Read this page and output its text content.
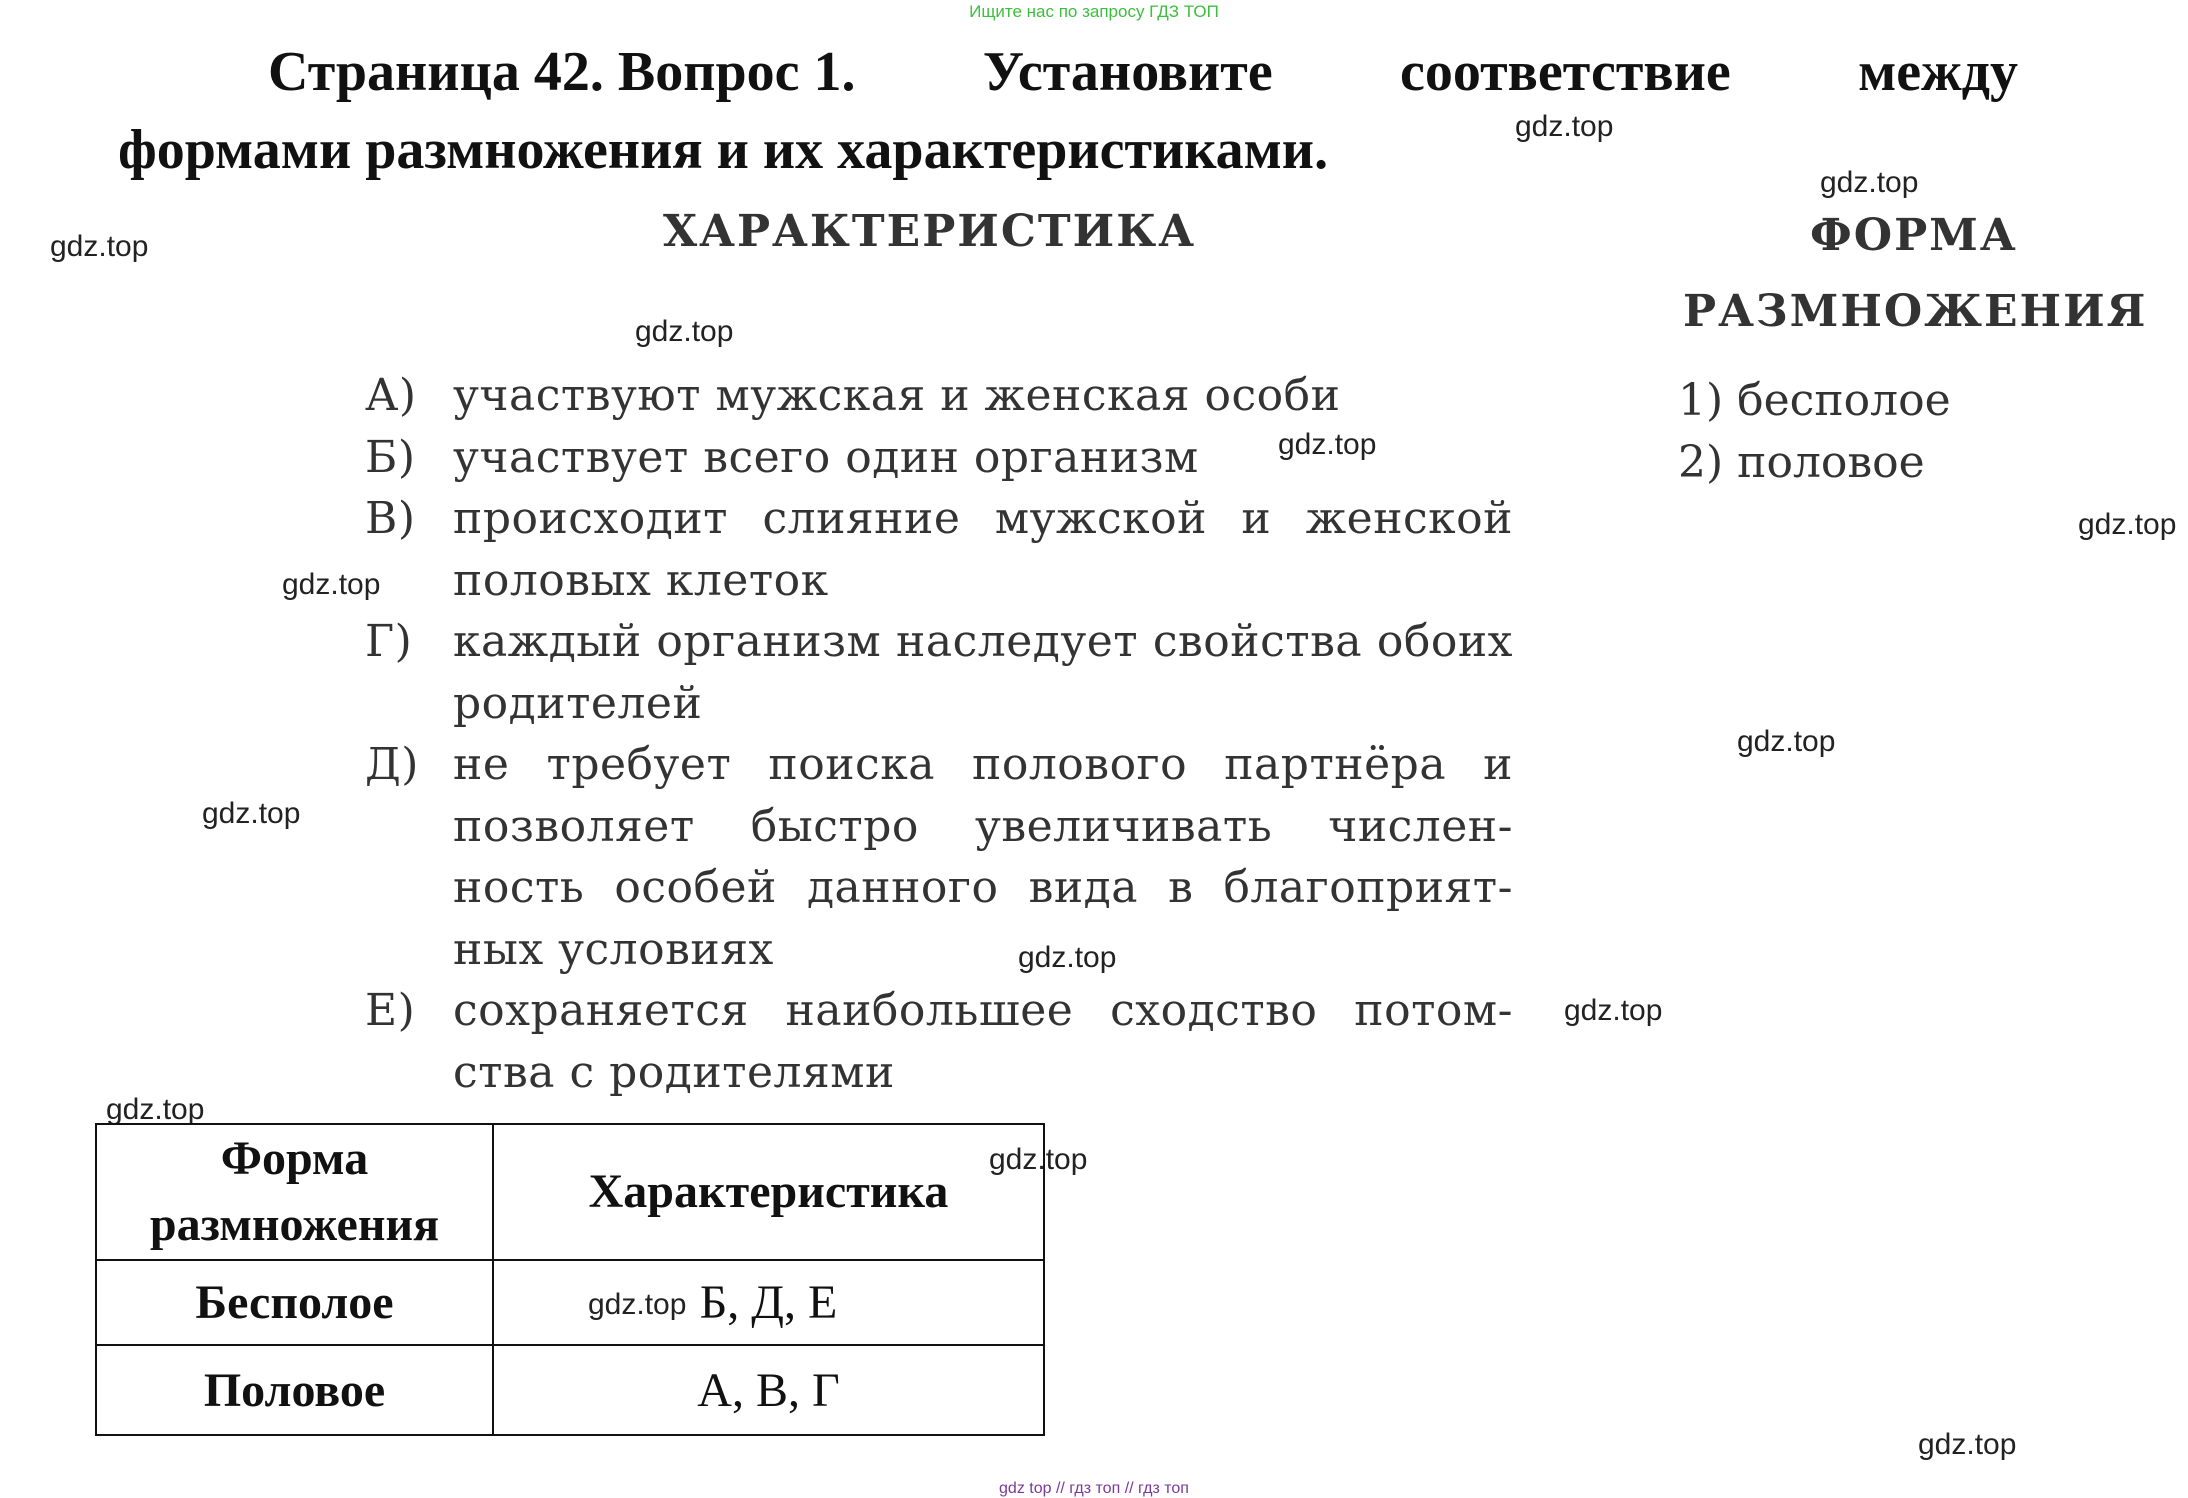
Ищите нас по запросу ГДЗ ТОП
Страница 42. Вопрос 1. Установите соответствие между
формами размножения и их характеристиками.	gdz.top
gdz.top
gdz.top
gdz.top
gdz.top
gdz.top
gdz.top
gdz.top
gdz.top
gdz.top
gdz.top
gdz.top
gdz.top
gdz.top
gdz.top
ХАРАКТЕРИСТИКА
А) участвуют мужская и женская особи
Б) участвует всего один организм
В) происходит слияние мужской и женской половых клеток
Г) каждый организм наследует свойства обоих родителей
Д) не требует поиска полового партнёра и позволяет быстро увеличивать числен-ность особей данного вида в благоприят-ных условиях
Е) сохраняется наибольшее сходство потом-ства с родителями
ФОРМА
РАЗМНОЖЕНИЯ
1) бесполое
2) половое
Форма
размножения	Характеристика

Бесполое	Б, Д, Е
Половое	А, В, Г
gdz top // гдз топ // гдз топ
